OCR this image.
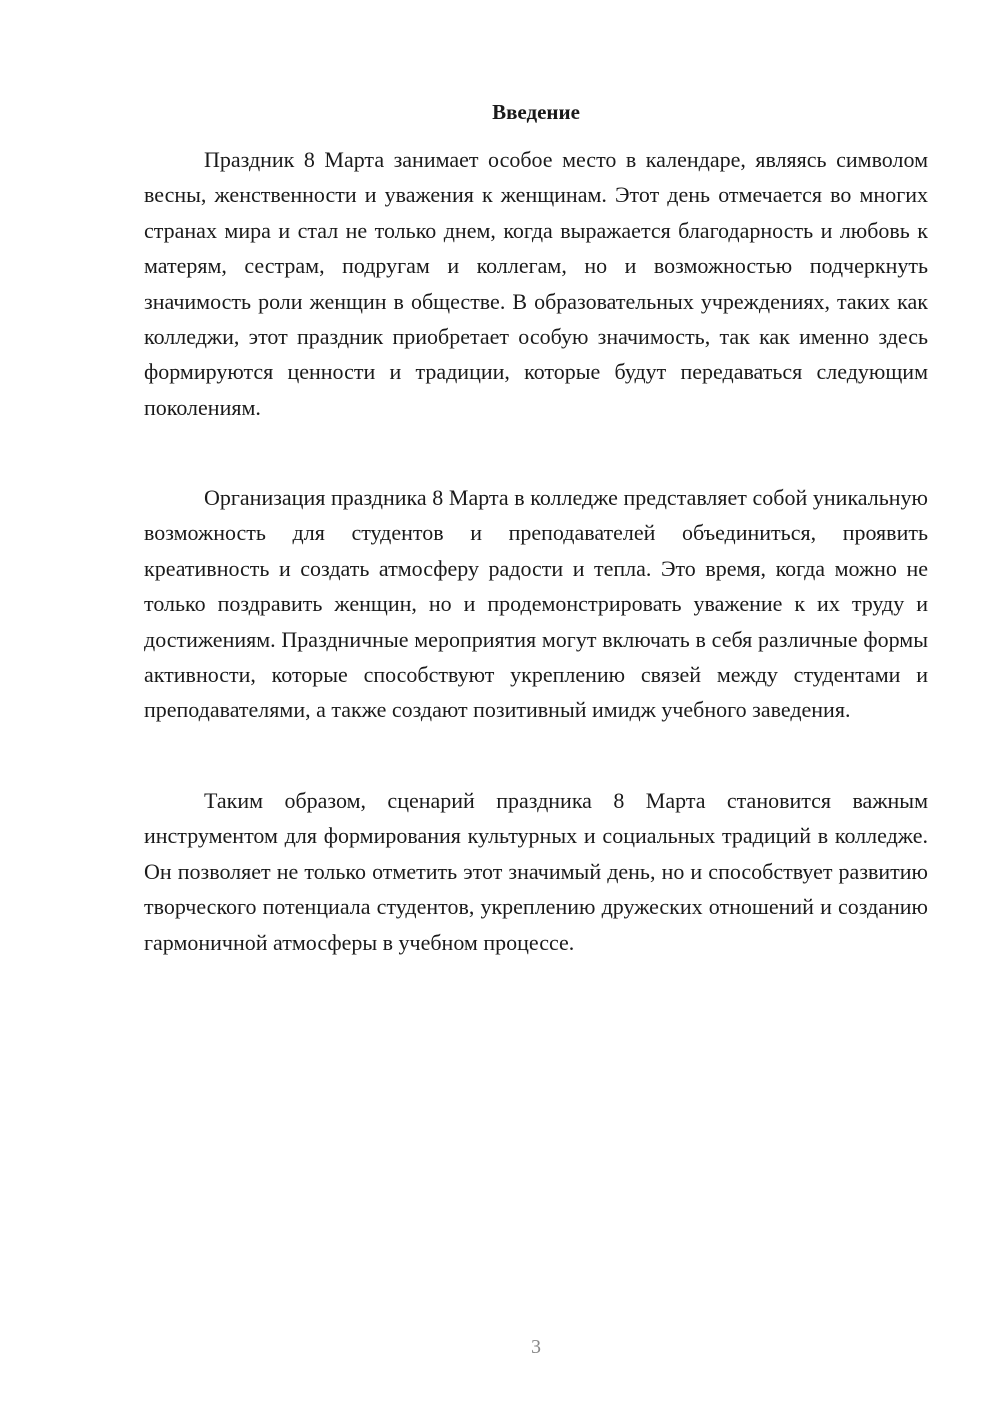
Введение

Праздник 8 Марта занимает особое место в календаре, являясь символом весны, женственности и уважения к женщинам. Этот день отмечается во многих странах мира и стал не только днем, когда выражается благодарность и любовь к матерям, сестрам, подругам и коллегам, но и возможностью подчеркнуть значимость роли женщин в обществе. В образовательных учреждениях, таких как колледжи, этот праздник приобретает особую значимость, так как именно здесь формируются ценности и традиции, которые будут передаваться следующим поколениям.

Организация праздника 8 Марта в колледже представляет собой уникальную возможность для студентов и преподавателей объединиться, проявить креативность и создать атмосферу радости и тепла. Это время, когда можно не только поздравить женщин, но и продемонстрировать уважение к их труду и достижениям. Праздничные мероприятия могут включать в себя различные формы активности, которые способствуют укреплению связей между студентами и преподавателями, а также создают позитивный имидж учебного заведения.

Таким образом, сценарий праздника 8 Марта становится важным инструментом для формирования культурных и социальных традиций в колледже. Он позволяет не только отметить этот значимый день, но и способствует развитию творческого потенциала студентов, укреплению дружеских отношений и созданию гармоничной атмосферы в учебном процессе.

3
